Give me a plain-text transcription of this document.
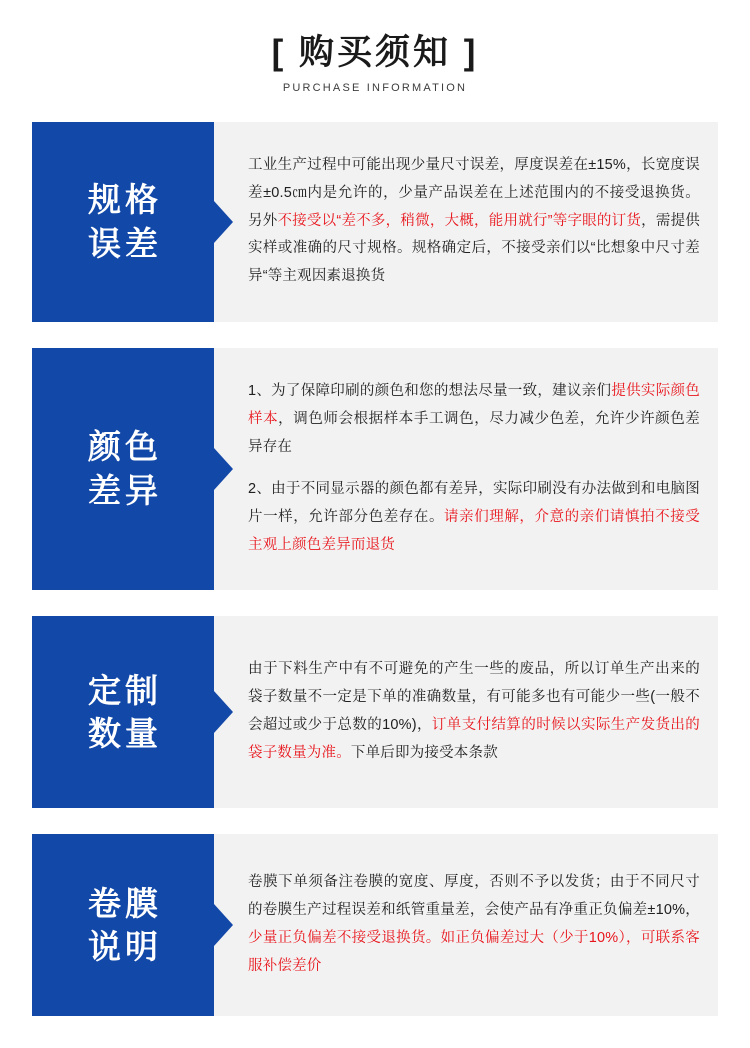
[ 购买须知 ]
PURCHASE INFORMATION
规格
误差

工业生产过程中可能出现少量尺寸误差，厚度误差在±15%，长宽度误差±0.5㎝内是允许的，少量产品误差在上述范围内的不接受退换货。另外不接受以“差不多，稍微，大概，能用就行”等字眼的订货，需提供实样或准确的尺寸规格。规格确定后，不接受亲们以“比想象中尺寸差异“等主观因素退换货

颜色
差异

1、为了保障印刷的颜色和您的想法尽量一致，建议亲们提供实际颜色样本，调色师会根据样本手工调色，尽力减少色差，允许少许颜色差异存在

2、由于不同显示器的颜色都有差异，实际印刷没有办法做到和电脑图片一样，允许部分色差存在。请亲们理解，介意的亲们请慎拍不接受主观上颜色差异而退货

定制
数量

由于下料生产中有不可避免的产生一些的废品，所以订单生产出来的袋子数量不一定是下单的准确数量，有可能多也有可能少一些(一般不会超过或少于总数的10%)，订单支付结算的时候以实际生产发货出的袋子数量为准。下单后即为接受本条款

卷膜
说明

卷膜下单须备注卷膜的宽度、厚度，否则不予以发货；由于不同尺寸的卷膜生产过程误差和纸管重量差，会使产品有净重正负偏差±10%，少量正负偏差不接受退换货。如正负偏差过大（少于10%），可联系客服补偿差价
